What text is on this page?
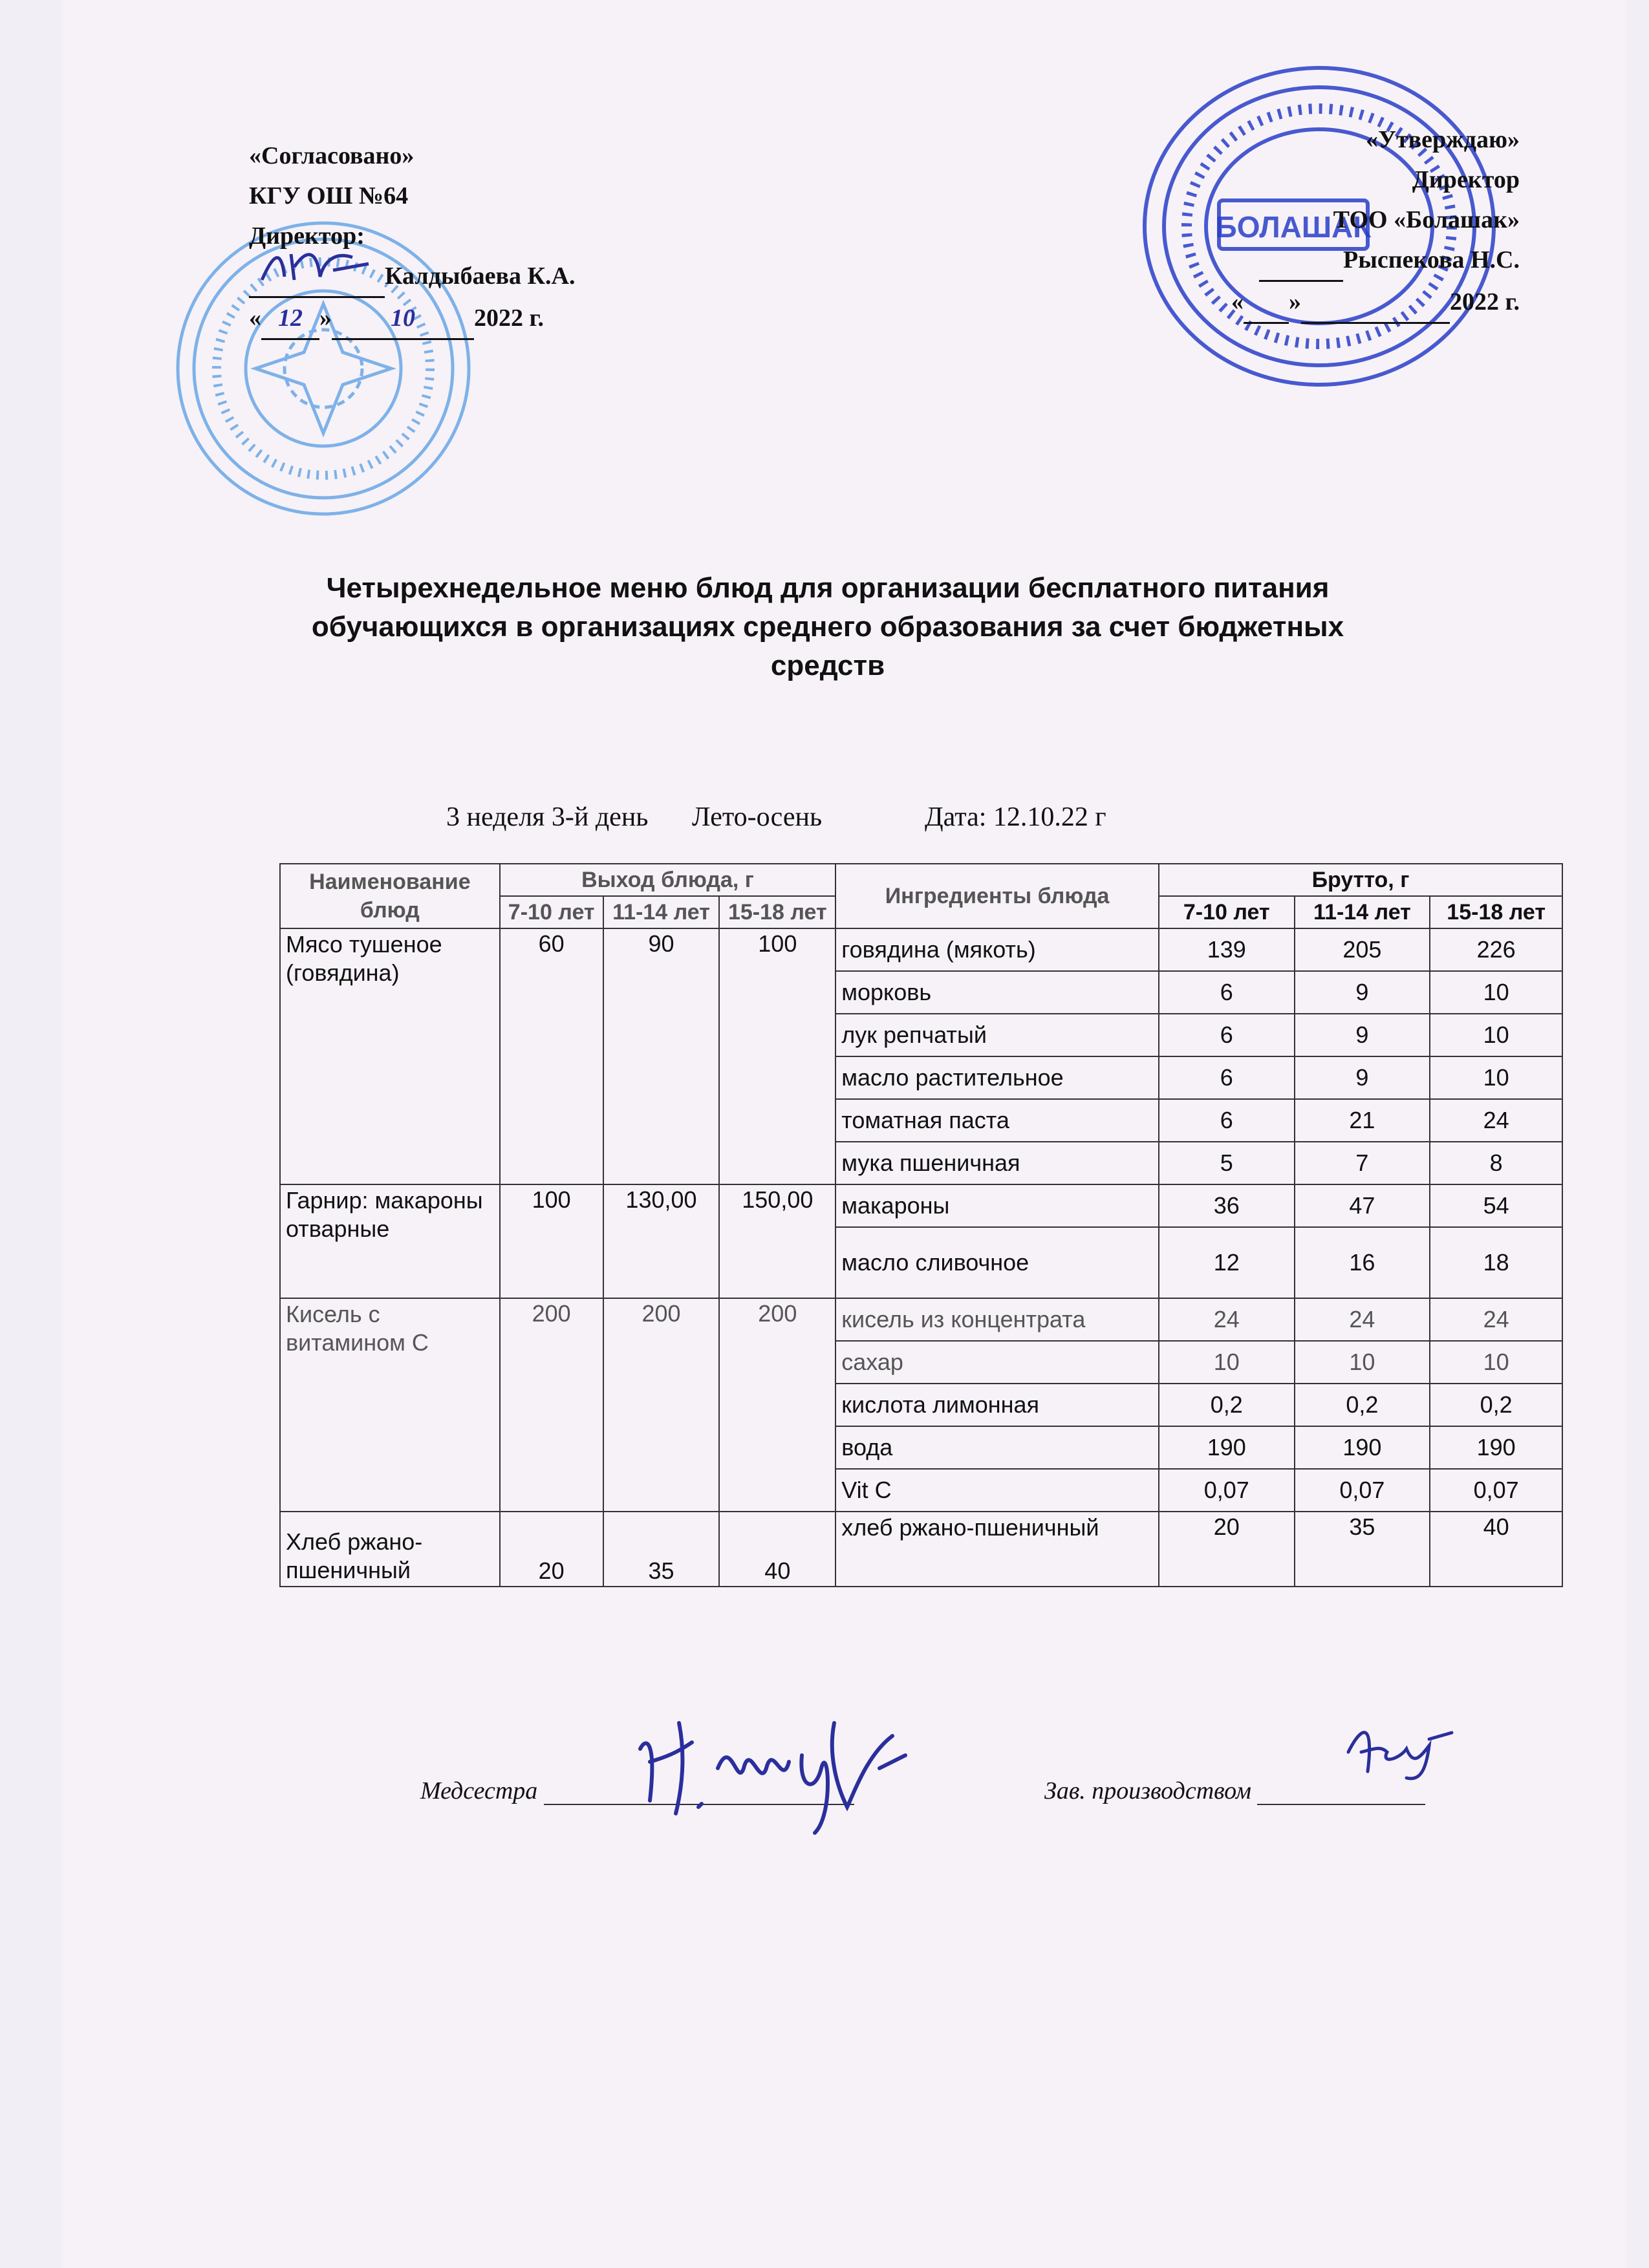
БОЛАШАК
«Согласовано»
КГУ ОШ №64
Директор:
Калдыбаева К.А.
« 12 » 10 2022 г.
«Утверждаю»
Директор
ТОО «Болашак»
Рыспекова Н.С.
« »	2022 г.
Четырехнедельное меню блюд для организации бесплатного питания обучающихся в организациях среднего образования за счет бюджетных средств
3 неделя 3-й день	Лето-осень	Дата: 12.10.22 г
Наименование блюд	Выход блюда, г			Ингредиенты блюда	Брутто, г		
	7-10 лет	11-14 лет	15-18 лет		7-10 лет	11-14 лет	15-18 лет
Мясо тушеное (говядина)	60	90	100	говядина (мякоть)	139	205	226
				морковь	6	9	10
				лук репчатый	6	9	10
				масло растительное	6	9	10
				томатная паста	6	21	24
				мука пшеничная	5	7	8
Гарнир: макароны отварные	100	130,00	150,00	макароны	36	47	54
				масло сливочное	12	16	18
Кисель с витамином С	200	200	200	кисель из концентрата	24	24	24
				сахар	10	10	10
				кислота лимонная	0,2	0,2	0,2
				вода	190	190	190
				Vit C	0,07	0,07	0,07
Хлеб ржано-пшеничный	20	35	40	хлеб ржано-пшеничный	20	35	40
Медсестра	Зав. производством
